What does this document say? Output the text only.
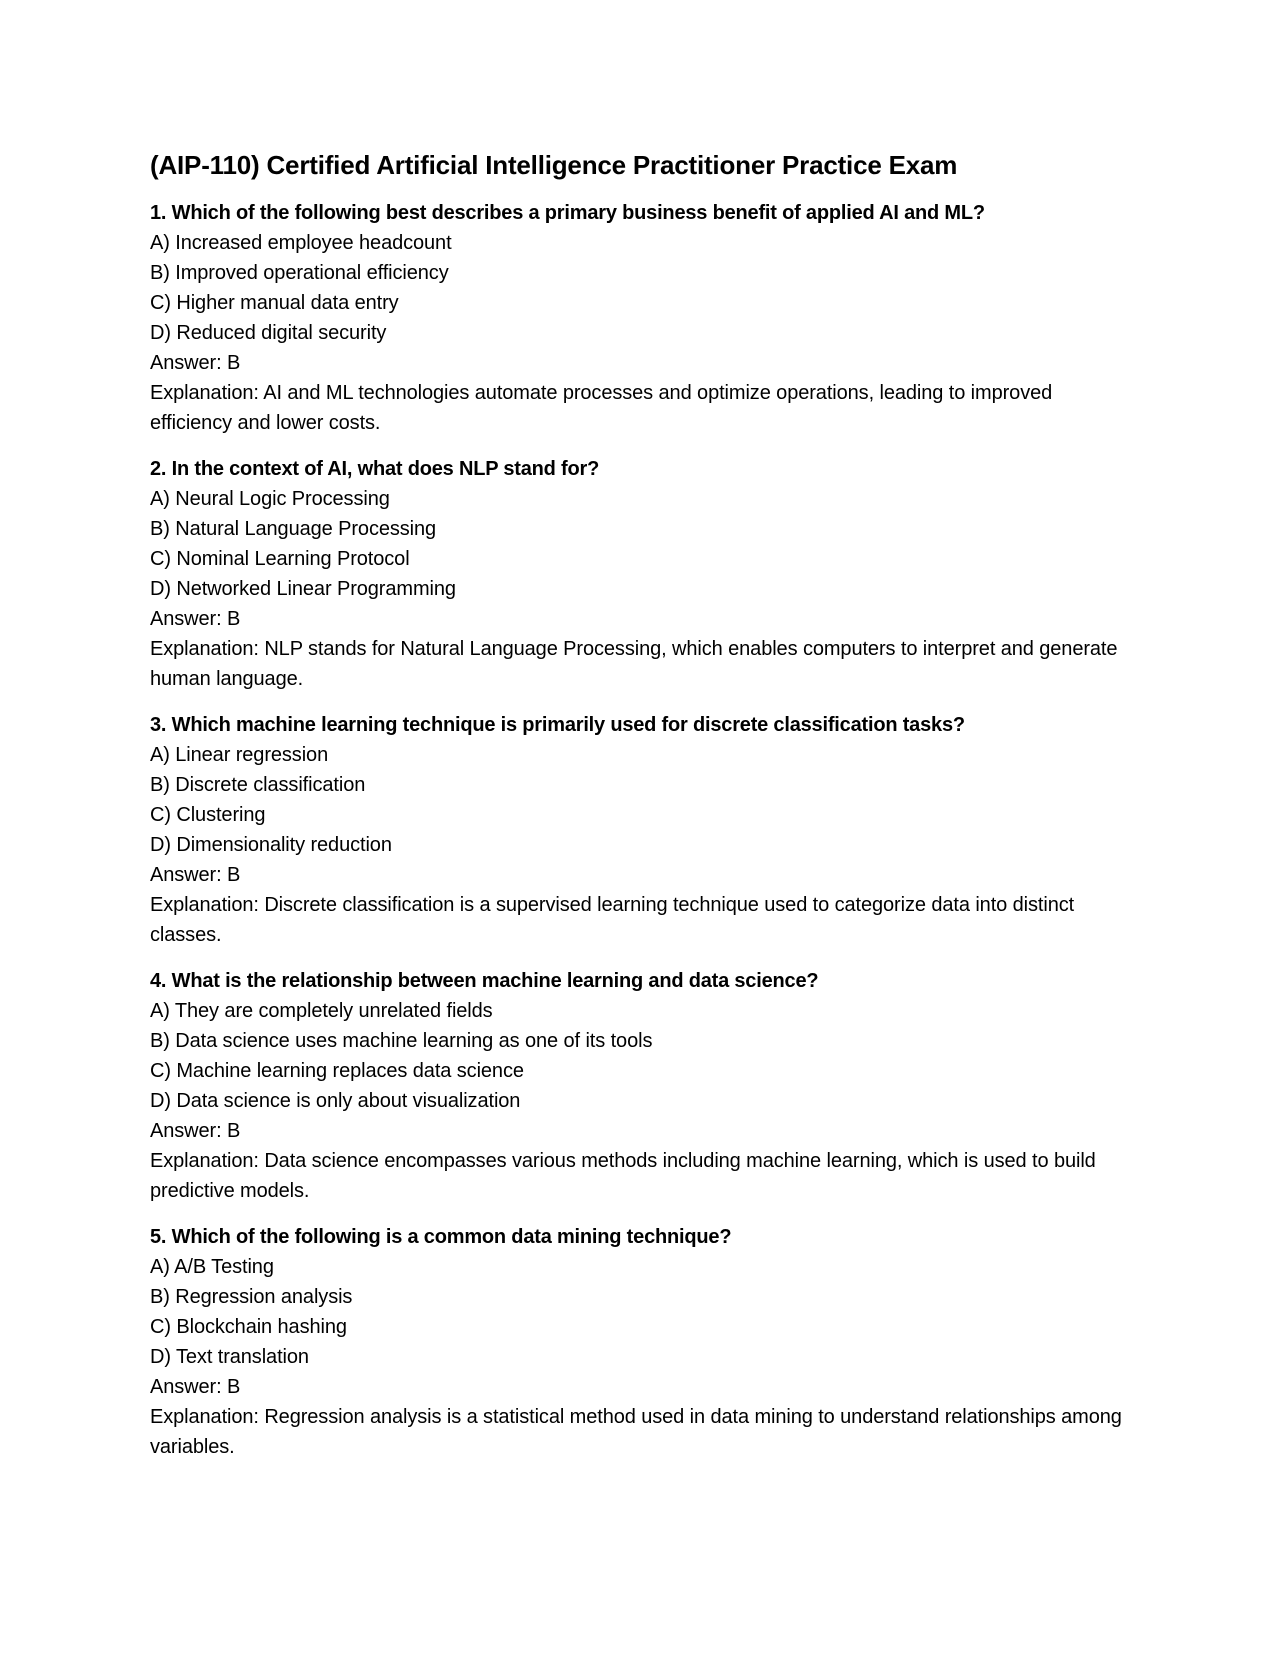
(AIP-110) Certified Artificial Intelligence Practitioner Practice Exam
1. Which of the following best describes a primary business benefit of applied AI and ML?
A) Increased employee headcount
B) Improved operational efficiency
C) Higher manual data entry
D) Reduced digital security
Answer: B
Explanation: AI and ML technologies automate processes and optimize operations, leading to improved efficiency and lower costs.
2. In the context of AI, what does NLP stand for?
A) Neural Logic Processing
B) Natural Language Processing
C) Nominal Learning Protocol
D) Networked Linear Programming
Answer: B
Explanation: NLP stands for Natural Language Processing, which enables computers to interpret and generate human language.
3. Which machine learning technique is primarily used for discrete classification tasks?
A) Linear regression
B) Discrete classification
C) Clustering
D) Dimensionality reduction
Answer: B
Explanation: Discrete classification is a supervised learning technique used to categorize data into distinct classes.
4. What is the relationship between machine learning and data science?
A) They are completely unrelated fields
B) Data science uses machine learning as one of its tools
C) Machine learning replaces data science
D) Data science is only about visualization
Answer: B
Explanation: Data science encompasses various methods including machine learning, which is used to build predictive models.
5. Which of the following is a common data mining technique?
A) A/B Testing
B) Regression analysis
C) Blockchain hashing
D) Text translation
Answer: B
Explanation: Regression analysis is a statistical method used in data mining to understand relationships among variables.
